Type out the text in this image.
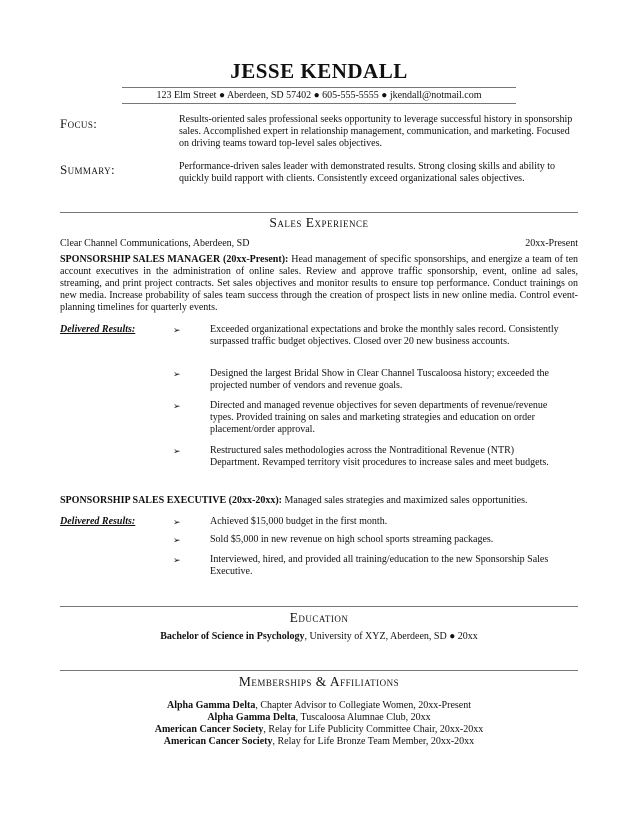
JESSE KENDALL
123 Elm Street ● Aberdeen, SD 57402 ● 605-555-5555 ● jkendall@notmail.com
Focus:	Results-oriented sales professional seeks opportunity to leverage successful history in sponsorship sales. Accomplished expert in relationship management, communication, and marketing. Focused on driving teams toward top-level sales objectives.
Summary:	Performance-driven sales leader with demonstrated results. Strong closing skills and ability to quickly build rapport with clients. Consistently exceed organizational sales objectives.
Sales Experience
Clear Channel Communications, Aberdeen, SD	20xx-Present
SPONSORSHIP SALES MANAGER (20xx-Present): Head management of specific sponsorships, and energize a team of ten account executives in the administration of online sales. Review and approve traffic sponsorship, event, online ad sales, streaming, and print project contracts. Set sales objectives and monitor results to ensure top performance. Conduct trainings on new media. Increase probability of sales team success through the creation of prospect lists in new online media. Control event-planning timelines for quarterly events.
Delivered Results:	➢	Exceeded organizational expectations and broke the monthly sales record. Consistently surpassed traffic budget objectives. Closed over 20 new business accounts.
➢	Designed the largest Bridal Show in Clear Channel Tuscaloosa history; exceeded the projected number of vendors and revenue goals.
➢	Directed and managed revenue objectives for seven departments of revenue/revenue types. Provided training on sales and marketing strategies and education on order placement/order approval.
➢	Restructured sales methodologies across the Nontraditional Revenue (NTR) Department. Revamped territory visit procedures to increase sales and meet budgets.
SPONSORSHIP SALES EXECUTIVE (20xx-20xx): Managed sales strategies and maximized sales opportunities.
Delivered Results:	➢	Achieved $15,000 budget in the first month.
➢	Sold $5,000 in new revenue on high school sports streaming packages.
➢	Interviewed, hired, and provided all training/education to the new Sponsorship Sales Executive.
Education
Bachelor of Science in Psychology, University of XYZ, Aberdeen, SD ● 20xx
Memberships & Affiliations
Alpha Gamma Delta, Chapter Advisor to Collegiate Women, 20xx-Present
Alpha Gamma Delta, Tuscaloosa Alumnae Club, 20xx
American Cancer Society, Relay for Life Publicity Committee Chair, 20xx-20xx
American Cancer Society, Relay for Life Bronze Team Member, 20xx-20xx
